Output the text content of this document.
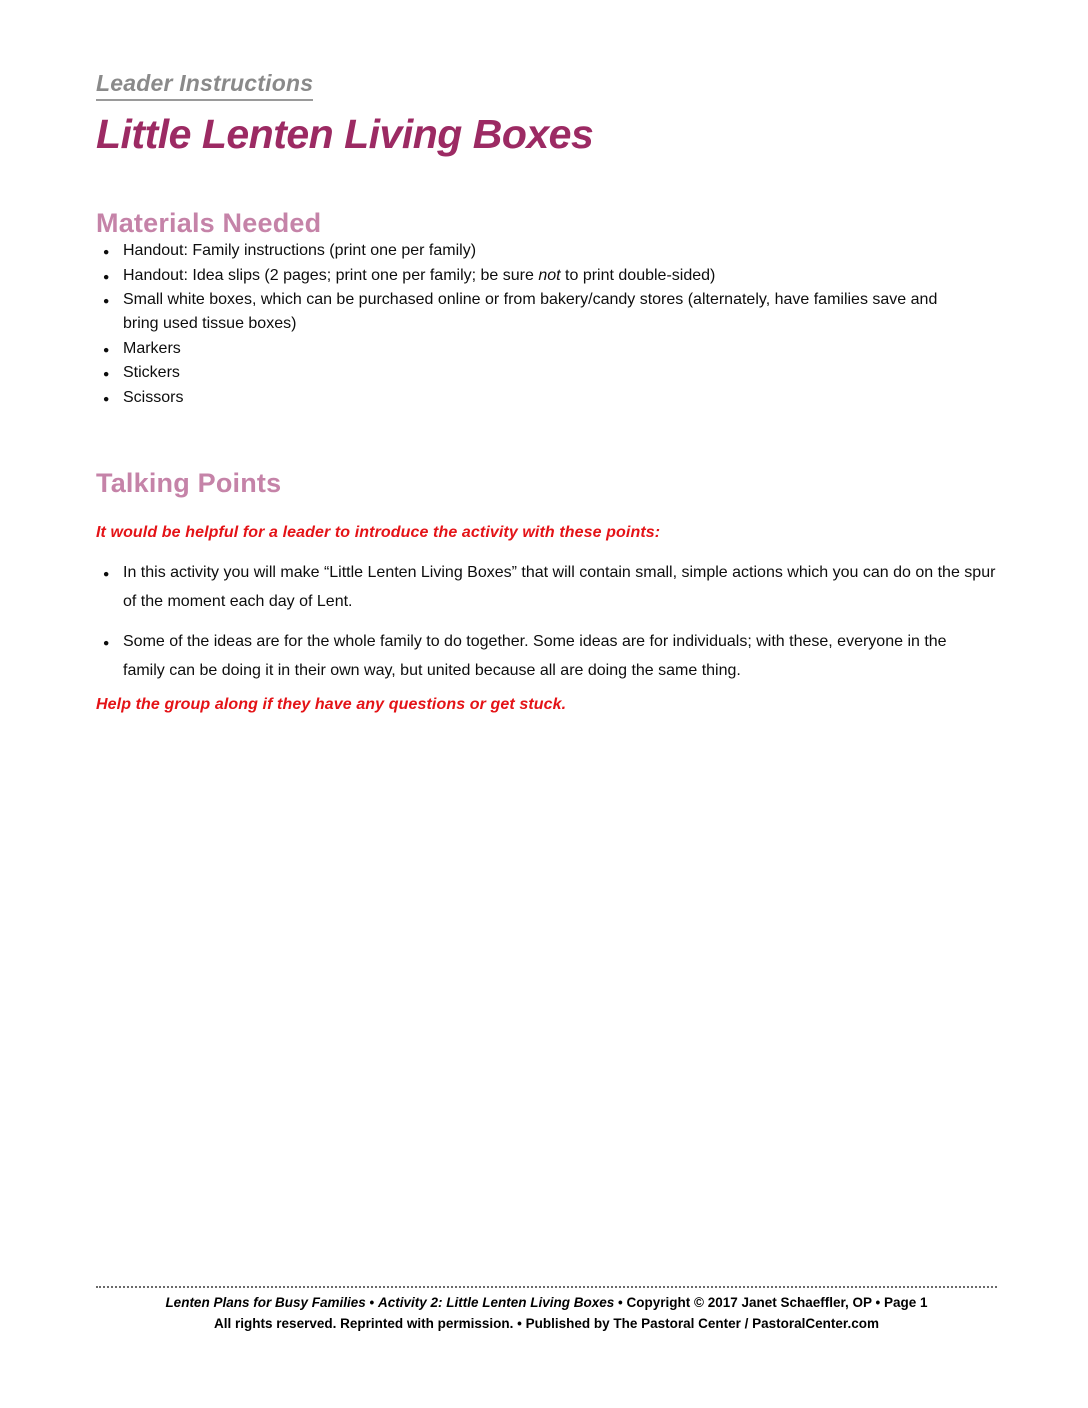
Leader Instructions
Little Lenten Living Boxes
Materials Needed
●
Handout: Family instructions (print one per family)
●
Handout: Idea slips (2 pages; print one per family; be sure not to print double-sided)
●
Small white boxes, which can be purchased online or from bakery/candy stores (alternately, have families save and bring used tissue boxes)
●
Markers
●
Stickers
●
Scissors
Talking Points

It would be helpful for a leader to introduce the activity with these points:

●
In this activity you will make “Little Lenten Living Boxes” that will contain small, simple actions which you can do on the spur of the moment each day of Lent.
●
Some of the ideas are for the whole family to do together. Some ideas are for individuals; with these, everyone in the family can be doing it in their own way, but united because all are doing the same thing.

Help the group along if they have any questions or get stuck.

Lenten Plans for Busy Families • Activity 2: Little Lenten Living Boxes • Copyright © 2017 Janet Schaeffler, OP • Page 1
All rights reserved. Reprinted with permission. • Published by The Pastoral Center / PastoralCenter.com
